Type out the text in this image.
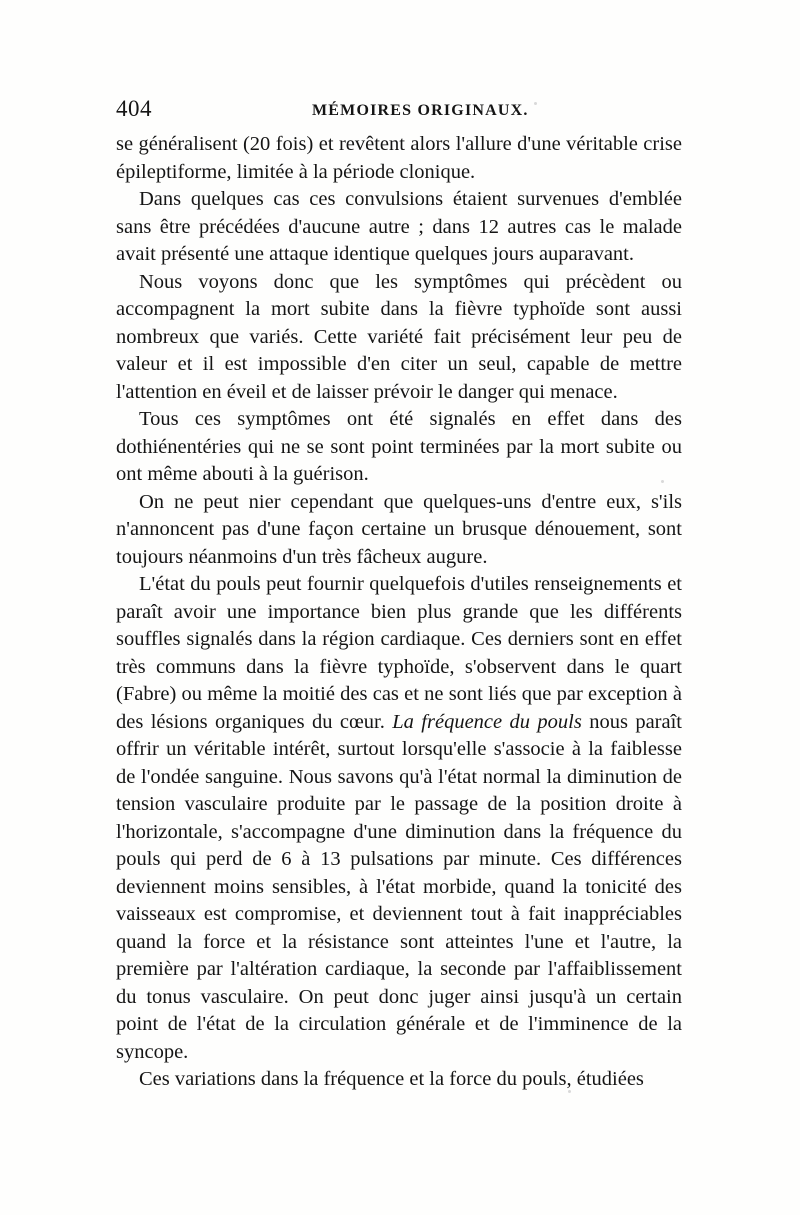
404	MÉMOIRES ORIGINAUX.

se généralisent (20 fois) et revêtent alors l'allure d'une véritable crise épileptiforme, limitée à la période clonique.

Dans quelques cas ces convulsions étaient survenues d'emblée sans être précédées d'aucune autre ; dans 12 autres cas le malade avait présenté une attaque identique quelques jours auparavant.

Nous voyons donc que les symptômes qui précèdent ou accompagnent la mort subite dans la fièvre typhoïde sont aussi nombreux que variés. Cette variété fait précisément leur peu de valeur et il est impossible d'en citer un seul, capable de mettre l'attention en éveil et de laisser prévoir le danger qui menace.

Tous ces symptômes ont été signalés en effet dans des dothiénentéries qui ne se sont point terminées par la mort subite ou ont même abouti à la guérison.

On ne peut nier cependant que quelques-uns d'entre eux, s'ils n'annoncent pas d'une façon certaine un brusque dénouement, sont toujours néanmoins d'un très fâcheux augure.

L'état du pouls peut fournir quelquefois d'utiles renseignements et paraît avoir une importance bien plus grande que les différents souffles signalés dans la région cardiaque. Ces derniers sont en effet très communs dans la fièvre typhoïde, s'observent dans le quart (Fabre) ou même la moitié des cas et ne sont liés que par exception à des lésions organiques du cœur. La fréquence du pouls nous paraît offrir un véritable intérêt, surtout lorsqu'elle s'associe à la faiblesse de l'ondée sanguine. Nous savons qu'à l'état normal la diminution de tension vasculaire produite par le passage de la position droite à l'horizontale, s'accompagne d'une diminution dans la fréquence du pouls qui perd de 6 à 13 pulsations par minute. Ces différences deviennent moins sensibles, à l'état morbide, quand la tonicité des vaisseaux est compromise, et deviennent tout à fait inappréciables quand la force et la résistance sont atteintes l'une et l'autre, la première par l'altération cardiaque, la seconde par l'affaiblissement du tonus vasculaire. On peut donc juger ainsi jusqu'à un certain point de l'état de la circulation générale et de l'imminence de la syncope.

Ces variations dans la fréquence et la force du pouls, étudiées
